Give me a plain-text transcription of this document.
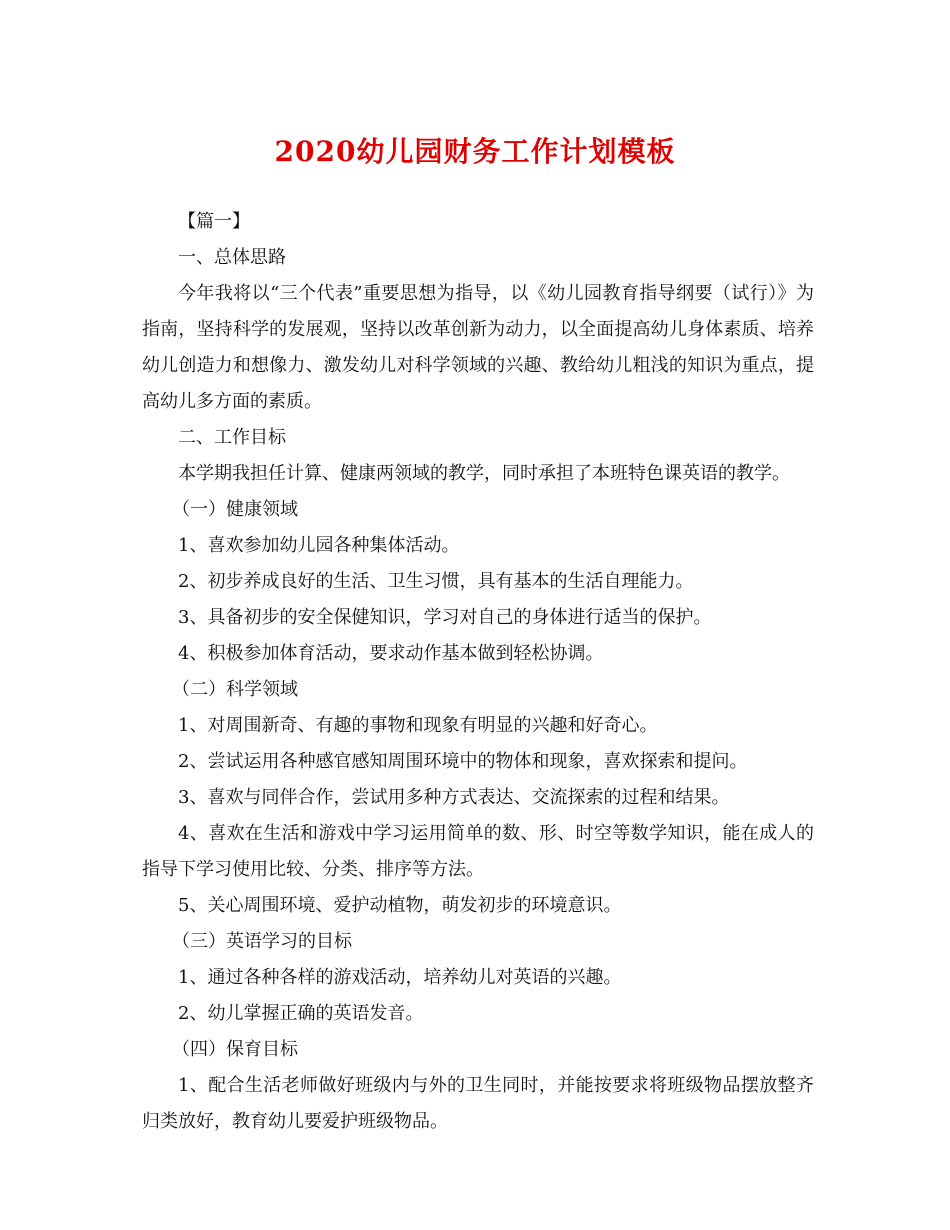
2020幼儿园财务工作计划模板

【篇一】

一、总体思路

今年我将以“三个代表”重要思想为指导，以《幼儿园教育指导纲要（试行）》为指南，坚持科学的发展观，坚持以改革创新为动力，以全面提高幼儿身体素质、培养幼儿创造力和想像力、激发幼儿对科学领域的兴趣、教给幼儿粗浅的知识为重点，提高幼儿多方面的素质。

二、工作目标

本学期我担任计算、健康两领域的教学，同时承担了本班特色课英语的教学。

（一）健康领域

1、喜欢参加幼儿园各种集体活动。

2、初步养成良好的生活、卫生习惯，具有基本的生活自理能力。

3、具备初步的安全保健知识，学习对自己的身体进行适当的保护。

4、积极参加体育活动，要求动作基本做到轻松协调。

（二）科学领域

1、对周围新奇、有趣的事物和现象有明显的兴趣和好奇心。

2、尝试运用各种感官感知周围环境中的物体和现象，喜欢探索和提问。

3、喜欢与同伴合作，尝试用多种方式表达、交流探索的过程和结果。

4、喜欢在生活和游戏中学习运用简单的数、形、时空等数学知识，能在成人的指导下学习使用比较、分类、排序等方法。

5、关心周围环境、爱护动植物，萌发初步的环境意识。

（三）英语学习的目标

1、通过各种各样的游戏活动，培养幼儿对英语的兴趣。

2、幼儿掌握正确的英语发音。

（四）保育目标

1、配合生活老师做好班级内与外的卫生同时，并能按要求将班级物品摆放整齐归类放好，教育幼儿要爱护班级物品。
